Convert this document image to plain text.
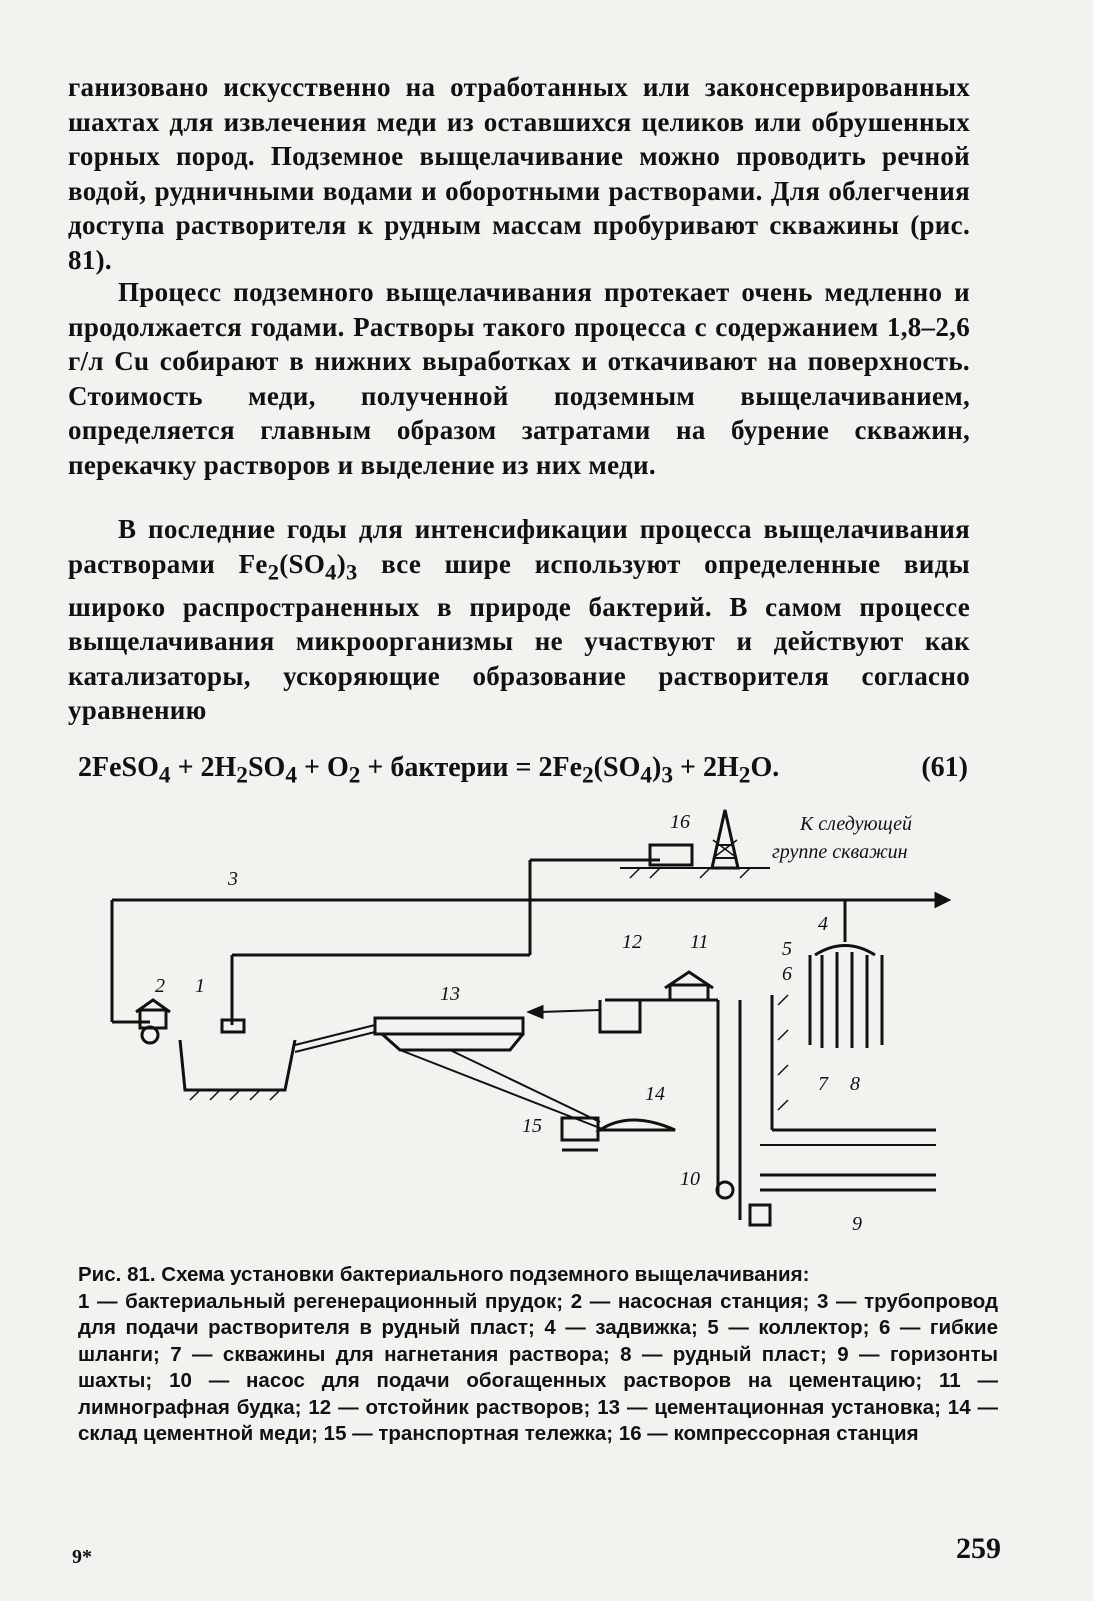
ганизовано искусственно на отработанных или законсервированных шахтах для извлечения меди из оставшихся целиков или обрушенных горных пород. Подземное выщелачивание можно проводить речной водой, рудничными водами и оборотными растворами. Для облегчения доступа растворителя к рудным массам пробуривают скважины (рис. 81).

Процесс подземного выщелачивания протекает очень медленно и продолжается годами. Растворы такого процесса с содержанием 1,8–2,6 г/л Cu собирают в нижних выработках и откачивают на поверхность. Стоимость меди, полученной подземным выщелачиванием, определяется главным образом затратами на бурение скважин, перекачку растворов и выделение из них меди.

В последние годы для интенсификации процесса выщелачивания растворами $Fe_2(SO_4)_3$ все шире используют определенные виды широко распространенных в природе бактерий. В самом процессе выщелачивания микроорганизмы не участвуют и действуют как катализаторы, ускоряющие образование растворителя согласно уравнению

2FeSO$_4$ + $2H_2SO_4 + O_2$ + бактерии = $2Fe_2(SO_4)_3 + 2H_2O$.	(61)
1
2
3
4
5
6
7 8
9
10
11
12
13
14
15
16	К следующей
группе скважин
Рис. 81. Схема установки бактериального подземного выщелачивания:
1 — бактериальный регенерационный прудок; 2 — насосная станция; 3 — трубопровод для подачи растворителя в рудный пласт; 4 — задвижка; 5 — коллектор; 6 — гибкие шланги; 7 — скважины для нагнетания раствора; 8 — рудный пласт; 9 — горизонты шахты; 10 — насос для подачи обогащенных растворов на цементацию; 11 — лимнографная будка; 12 — отстойник растворов; 13 — цементационная установка; 14 — склад цементной меди; 15 — транспортная тележка; 16 — компрессорная станция
9*	259
